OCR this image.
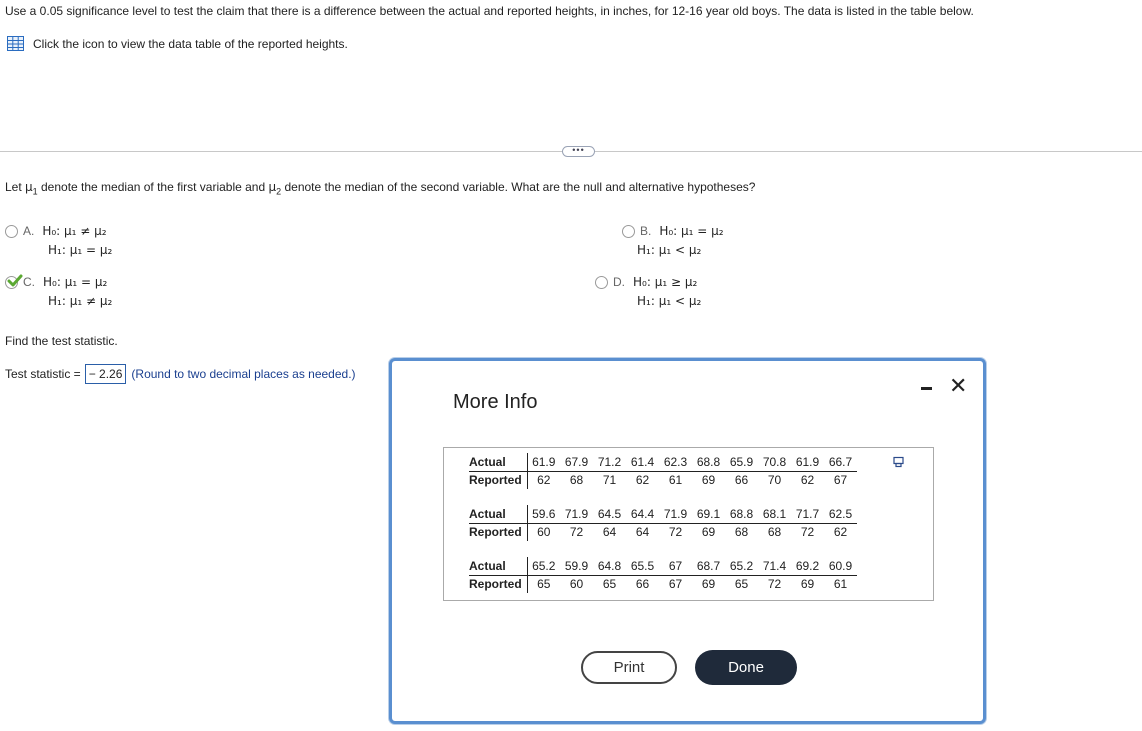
Use a 0.05 significance level to test the claim that there is a difference between the actual and reported heights, in inches, for 12-16 year old boys. The data is listed in the table below.
Click the icon to view the data table of the reported heights.
•••
Let $\mu_1$ denote the median of the first variable and $\mu_2$ denote the median of the second variable. What are the null and alternative hypotheses?
A. H₀: μ₁ ≠ μ₂
H₁: μ₁ = μ₂
B. H₀: μ₁ = μ₂
H₁: μ₁ < μ₂
C. H₀: μ₁ = μ₂
H₁: μ₁ ≠ μ₂
D. H₀: μ₁ ≥ μ₂
H₁: μ₁ < μ₂
Find the test statistic.
Test statistic = − 2.26 (Round to two decimal places as needed.)
More Info
✕
Actual	61.9	67.9	71.2	61.4	62.3	68.8	65.9	70.8	61.9	66.7
Reported	62	68	71	62	61	69	66	70	62	67
Actual	59.6	71.9	64.5	64.4	71.9	69.1	68.8	68.1	71.7	62.5
Reported	60	72	64	64	72	69	68	68	72	62
Actual	65.2	59.9	64.8	65.5	67	68.7	65.2	71.4	69.2	60.9
Reported	65	60	65	66	67	69	65	72	69	61
Print	Done
